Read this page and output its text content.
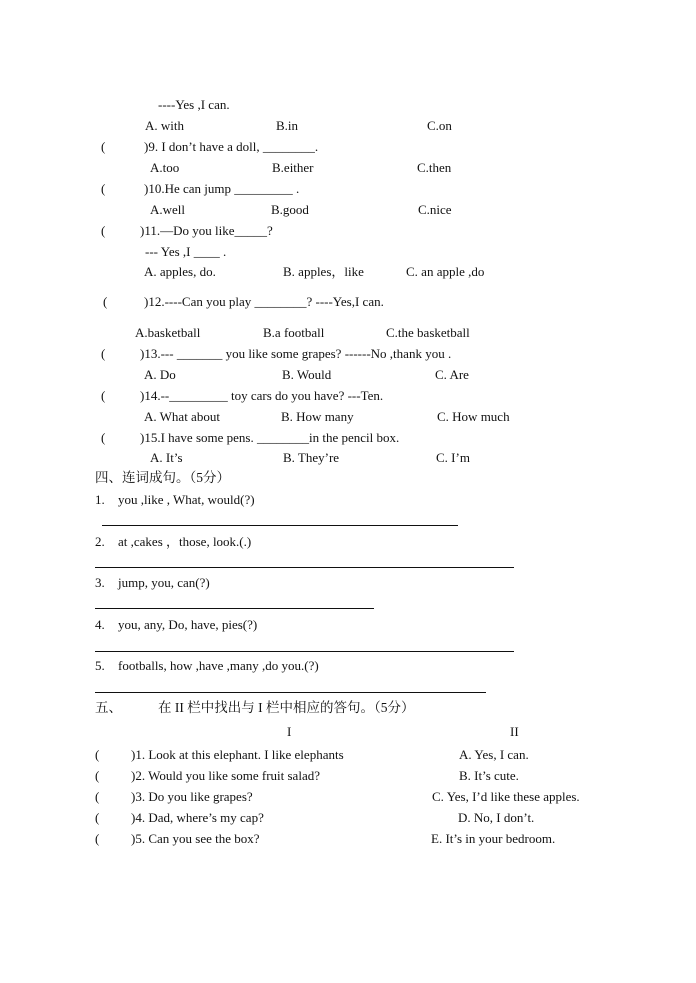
----Yes ,I can.
A. with	B.in	C.on
(	)9. I don’t have a doll, ________.
A.too	B.either	C.then
(	)10.He can jump _________ .
A.well	B.good	C.nice
(	)11.—Do you like_____?
--- Yes ,I ____ .
A. apples, do.	B. apples，like	C. an apple ,do
(	)12.----Can you play ________? ----Yes,I can.
A.basketball	B.a football	C.the basketball
(	)13.--- _______ you like some grapes? ------No ,thank you .
A. Do	B. Would	C. Are
(	)14.--_________ toy cars do you have? ---Ten.
A. What about	B. How many	C. How much
(	)15.I have some pens. ________in the pencil box.
A. It’s	B. They’re	C. I’m
四、连词成句。（5分）
1. you ,like , What, would(?)
2. at ,cakes ，those, look.(.)
3. jump, you, can(?)
4. you, any, Do, have, pies(?)
5. footballs, how ,have ,many ,do you.(?)
五、	在 II 栏中找出与 I 栏中相应的答句。（5分）
I	II
( )1. Look at this elephant. I like elephants	A. Yes, I can.
( )2. Would you like some fruit salad?	B. It’s cute.
( )3. Do you like grapes?	C. Yes, I’d like these apples.
( )4. Dad, where’s my cap?	D. No, I don’t.
( )5. Can you see the box?	E. It’s in your bedroom.
